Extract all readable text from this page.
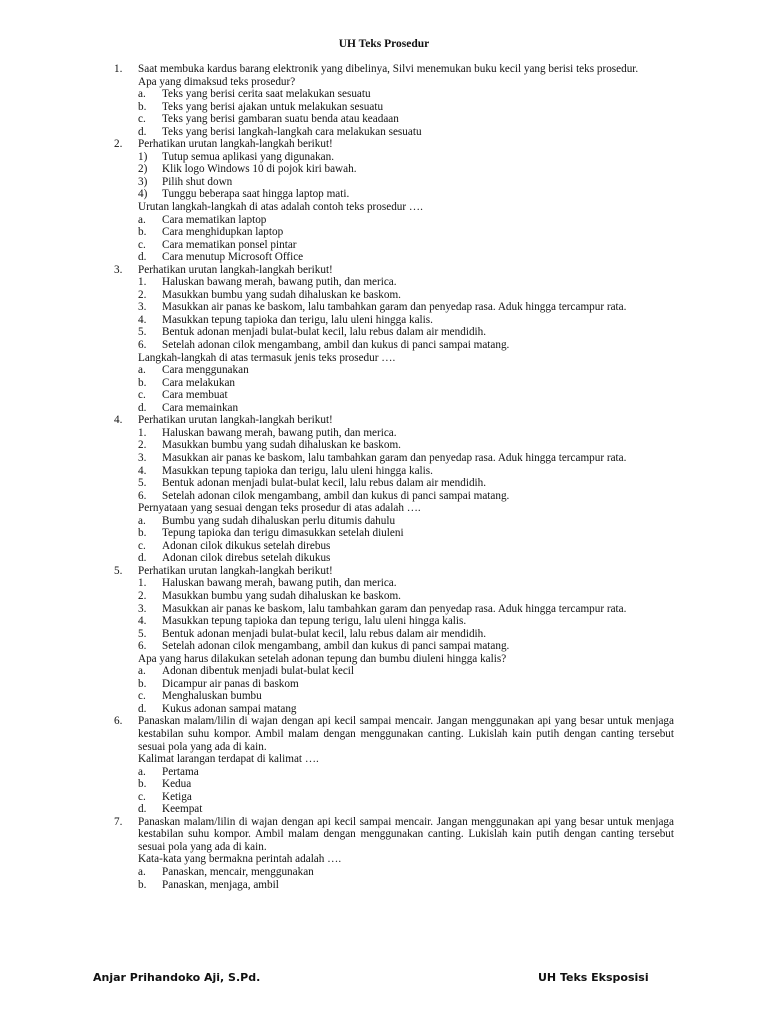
UH Teks Prosedur
1.	Saat membuka kardus barang elektronik yang dibelinya, Silvi menemukan buku kecil yang berisi teks prosedur.
Apa yang dimaksud teks prosedur?
a.	Teks yang berisi cerita saat melakukan sesuatu
b.	Teks yang berisi ajakan untuk melakukan sesuatu
c.	Teks yang berisi gambaran suatu benda atau keadaan
d.	Teks yang berisi langkah-langkah cara melakukan sesuatu
2.	Perhatikan urutan langkah-langkah berikut!
1)	Tutup semua aplikasi yang digunakan.
2)	Klik logo Windows 10 di pojok kiri bawah.
3)	Pilih shut down
4)	Tunggu beberapa saat hingga laptop mati.
Urutan langkah-langkah di atas adalah contoh teks prosedur ….
a.	Cara mematikan laptop
b.	Cara menghidupkan laptop
c.	Cara mematikan ponsel pintar
d.	Cara menutup Microsoft Office
3.	Perhatikan urutan langkah-langkah berikut!
1.	Haluskan bawang merah, bawang putih, dan merica.
2.	Masukkan bumbu yang sudah dihaluskan ke baskom.
3.	Masukkan air panas ke baskom, lalu tambahkan garam dan penyedap rasa. Aduk hingga tercampur rata.
4.	Masukkan tepung tapioka dan terigu, lalu uleni hingga kalis.
5.	Bentuk adonan menjadi bulat-bulat kecil, lalu rebus dalam air mendidih.
6.	Setelah adonan cilok mengambang, ambil dan kukus di panci sampai matang.
Langkah-langkah di atas termasuk jenis teks prosedur ….
a.	Cara menggunakan
b.	Cara melakukan
c.	Cara membuat
d.	Cara memainkan
4.	Perhatikan urutan langkah-langkah berikut!
1.	Haluskan bawang merah, bawang putih, dan merica.
2.	Masukkan bumbu yang sudah dihaluskan ke baskom.
3.	Masukkan air panas ke baskom, lalu tambahkan garam dan penyedap rasa. Aduk hingga tercampur rata.
4.	Masukkan tepung tapioka dan terigu, lalu uleni hingga kalis.
5.	Bentuk adonan menjadi bulat-bulat kecil, lalu rebus dalam air mendidih.
6.	Setelah adonan cilok mengambang, ambil dan kukus di panci sampai matang.
Pernyataan yang sesuai dengan teks prosedur di atas adalah ….
a.	Bumbu yang sudah dihaluskan perlu ditumis dahulu
b.	Tepung tapioka dan terigu dimasukkan setelah diuleni
c.	Adonan cilok dikukus setelah direbus
d.	Adonan cilok direbus setelah dikukus
5.	Perhatikan urutan langkah-langkah berikut!
1.	Haluskan bawang merah, bawang putih, dan merica.
2.	Masukkan bumbu yang sudah dihaluskan ke baskom.
3.	Masukkan air panas ke baskom, lalu tambahkan garam dan penyedap rasa. Aduk hingga tercampur rata.
4.	Masukkan tepung tapioka dan tepung terigu, lalu uleni hingga kalis.
5.	Bentuk adonan menjadi bulat-bulat kecil, lalu rebus dalam air mendidih.
6.	Setelah adonan cilok mengambang, ambil dan kukus di panci sampai matang.
Apa yang harus dilakukan setelah adonan tepung dan bumbu diuleni hingga kalis?
a.	Adonan dibentuk menjadi bulat-bulat kecil
b.	Dicampur air panas di baskom
c.	Menghaluskan bumbu
d.	Kukus adonan sampai matang
6.	Panaskan malam/lilin di wajan dengan api kecil sampai mencair. Jangan menggunakan api yang besar untuk menjaga kestabilan suhu kompor. Ambil malam dengan menggunakan canting. Lukislah kain putih dengan canting tersebut sesuai pola yang ada di kain.
Kalimat larangan terdapat di kalimat ….
a.	Pertama
b.	Kedua
c.	Ketiga
d.	Keempat
7.	Panaskan malam/lilin di wajan dengan api kecil sampai mencair. Jangan menggunakan api yang besar untuk menjaga kestabilan suhu kompor. Ambil malam dengan menggunakan canting. Lukislah kain putih dengan canting tersebut sesuai pola yang ada di kain.
Kata-kata yang bermakna perintah adalah ….
a.	Panaskan, mencair, menggunakan
b.	Panaskan, menjaga, ambil
Anjar Prihandoko Aji, S.Pd.	UH Teks Eksposisi
